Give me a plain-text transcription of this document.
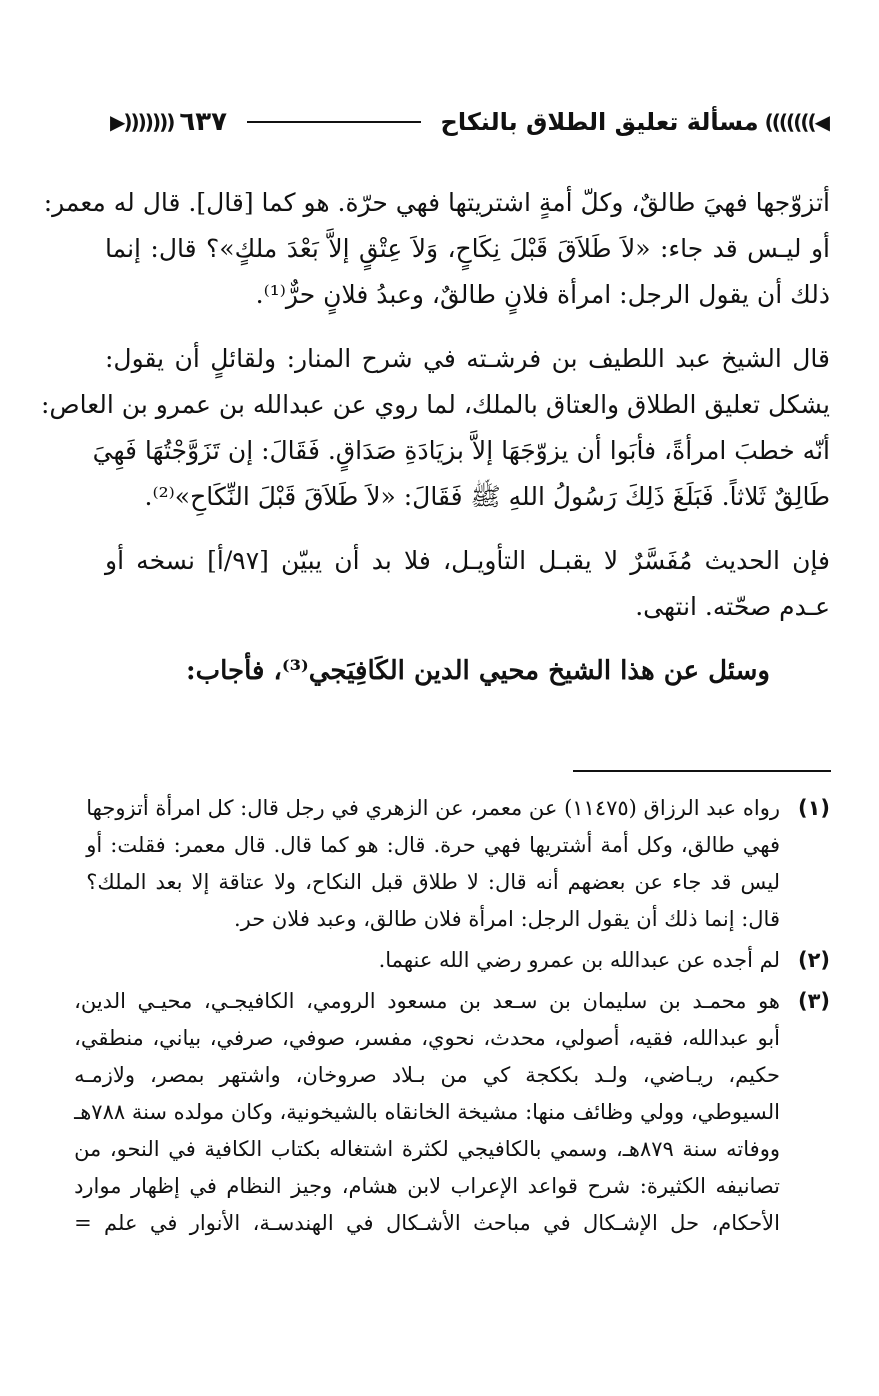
◀)))))))
مسألة تعليق الطلاق بالنكاح
٦٣٧
(((((((▶
أتزوّجها فهيَ طالقٌ، وكلّ أمةٍ اشتريتها فهي حرّة. هو كما [قال]. قال له معمر:
أو ليـس قد جاء: «لاَ طَلاَقَ قَبْلَ نِكَاحٍ، وَلاَ عِتْقٍ إلاَّ بَعْدَ ملكٍ»؟ قال: إنما
ذلك أن يقول الرجل: امرأة فلانٍ طالقٌ، وعبدُ فلانٍ حرٌّ⁽¹⁾.
قال الشيخ عبد اللطيف بن فرشـته في شرح المنار: ولقائلٍ أن يقول:
يشكل تعليق الطلاق والعتاق بالملك، لما روي عن عبدالله بن عمرو بن العاص:
أنّه خطبَ امرأةً، فأبَوا أن يزوّجَهَا إلاَّ بزيَادَةِ صَدَاقٍ. فَقَالَ: إن تَزَوَّجْتُهَا فَهِيَ
طَالِقٌ ثَلاثاً. فَبَلَغَ ذَلِكَ رَسُولُ اللهِ ﷺ فَقَالَ: «لاَ طَلاَقَ قَبْلَ النِّكَاحِ»⁽²⁾.
فإن الحديث مُفَسَّرٌ لا يقبـل التأويـل، فلا بد أن يبيّن [٩٧/أ] نسخه أو
عـدم صحّته. انتهى.
وسئل عن هذا الشيخ محيي الدين الكَافِيَجي⁽³⁾، فأجاب:
(١)
رواه عبد الرزاق (١١٤٧٥) عن معمر، عن الزهري في رجل قال: كل امرأة أتزوجها
فهي طالق، وكل أمة أشتريها فهي حرة. قال: هو كما قال. قال معمر: فقلت: أو
ليس قد جاء عن بعضهم أنه قال: لا طلاق قبل النكاح، ولا عتاقة إلا بعد الملك؟
قال: إنما ذلك أن يقول الرجل: امرأة فلان طالق، وعبد فلان حر.
(٢)
لم أجده عن عبدالله بن عمرو رضي الله عنهما.
(٣)
هو محمـد بن سليمان بن سـعد بن مسعود الرومي، الكافيجـي، محيـي الدين،
أبو عبدالله، فقيه، أصولي، محدث، نحوي، مفسر، صوفي، صرفي، بياني، منطقي،
حكيم، ريـاضي، ولـد بككجة كي من بـلاد صروخان، واشتهر بمصر، ولازمـه
السيوطي، وولي وظائف منها: مشيخة الخانقاه بالشيخونية، وكان مولده سنة ٧٨٨هـ
ووفاته سنة ٨٧٩هـ، وسمي بالكافيجي لكثرة اشتغاله بكتاب الكافية في النحو، من
تصانيفه الكثيرة: شرح قواعد الإعراب لابن هشام، وجيز النظام في إظهار موارد
الأحكام، حل الإشـكال في مباحث الأشـكال في الهندسـة، الأنوار في علم =
